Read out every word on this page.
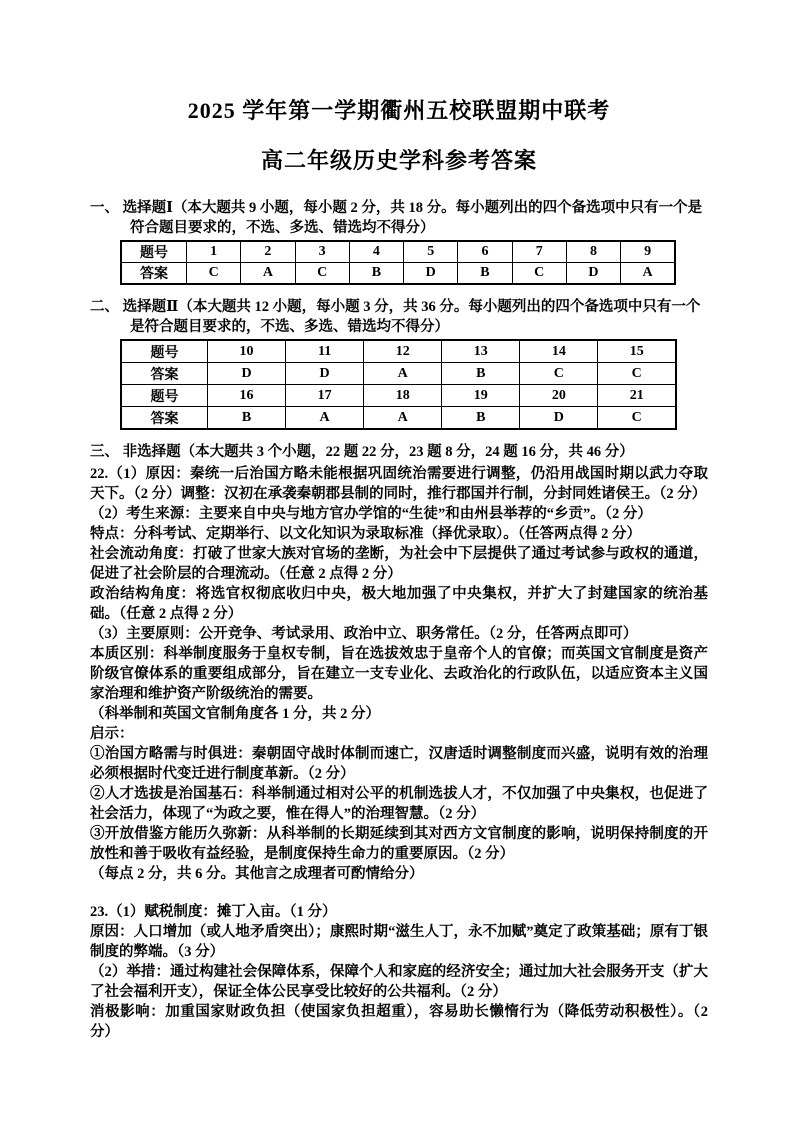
2025 学年第一学期衢州五校联盟期中联考
高二年级历史学科参考答案

一、 选择题Ⅰ（本大题共 9 小题，每小题 2 分，共 18 分。每小题列出的四个备选项中只有一个是符合题目要求的，不选、多选、错选均不得分）

题号	1	2	3	4	5	6	7	8	9
答案	C	A	C	B	D	B	C	D	A

二、 选择题Ⅱ（本大题共 12 小题，每小题 3 分，共 36 分。每小题列出的四个备选项中只有一个是符合题目要求的，不选、多选、错选均不得分）

题号	10	11	12	13	14	15
答案	D	D	A	B	C	C
题号	16	17	18	19	20	21
答案	B	A	A	B	D	C

三、 非选择题（本大题共 3 个小题，22 题 22 分，23 题 8 分，24 题 16 分，共 46 分）

22.（1）原因：秦统一后治国方略未能根据巩固统治需要进行调整，仍沿用战国时期以武力夺取天下。（2 分）调整：汉初在承袭秦朝郡县制的同时，推行郡国并行制，分封同姓诸侯王。（2 分）

（2）考生来源：主要来自中央与地方官办学馆的“生徒”和由州县举荐的“乡贡”。（2 分）

特点：分科考试、定期举行、以文化知识为录取标准（择优录取）。（任答两点得 2 分）

社会流动角度：打破了世家大族对官场的垄断，为社会中下层提供了通过考试参与政权的通道，促进了社会阶层的合理流动。（任意 2 点得 2 分）

政治结构角度：将选官权彻底收归中央，极大地加强了中央集权，并扩大了封建国家的统治基础。（任意 2 点得 2 分）

（3）主要原则：公开竞争、考试录用、政治中立、职务常任。（2 分，任答两点即可）

本质区别：科举制度服务于皇权专制，旨在选拔效忠于皇帝个人的官僚；而英国文官制度是资产阶级官僚体系的重要组成部分，旨在建立一支专业化、去政治化的行政队伍，以适应资本主义国家治理和维护资产阶级统治的需要。

（科举制和英国文官制角度各 1 分，共 2 分）

启示：

①治国方略需与时俱进：秦朝固守战时体制而速亡，汉唐适时调整制度而兴盛，说明有效的治理必须根据时代变迁进行制度革新。（2 分）

②人才选拔是治国基石：科举制通过相对公平的机制选拔人才，不仅加强了中央集权，也促进了社会活力，体现了“为政之要，惟在得人”的治理智慧。（2 分）

③开放借鉴方能历久弥新：从科举制的长期延续到其对西方文官制度的影响，说明保持制度的开放性和善于吸收有益经验，是制度保持生命力的重要原因。（2 分）

（每点 2 分，共 6 分。其他言之成理者可酌情给分）

23.（1）赋税制度：摊丁入亩。（1 分）

原因：人口增加（或人地矛盾突出）；康熙时期“滋生人丁，永不加赋”奠定了政策基础；原有丁银制度的弊端。（3 分）

（2）举措：通过构建社会保障体系，保障个人和家庭的经济安全；通过加大社会服务开支（扩大了社会福利开支），保证全体公民享受比较好的公共福利。（2 分）

消极影响：加重国家财政负担（使国家负担超重），容易助长懒惰行为（降低劳动积极性）。（2 分）
